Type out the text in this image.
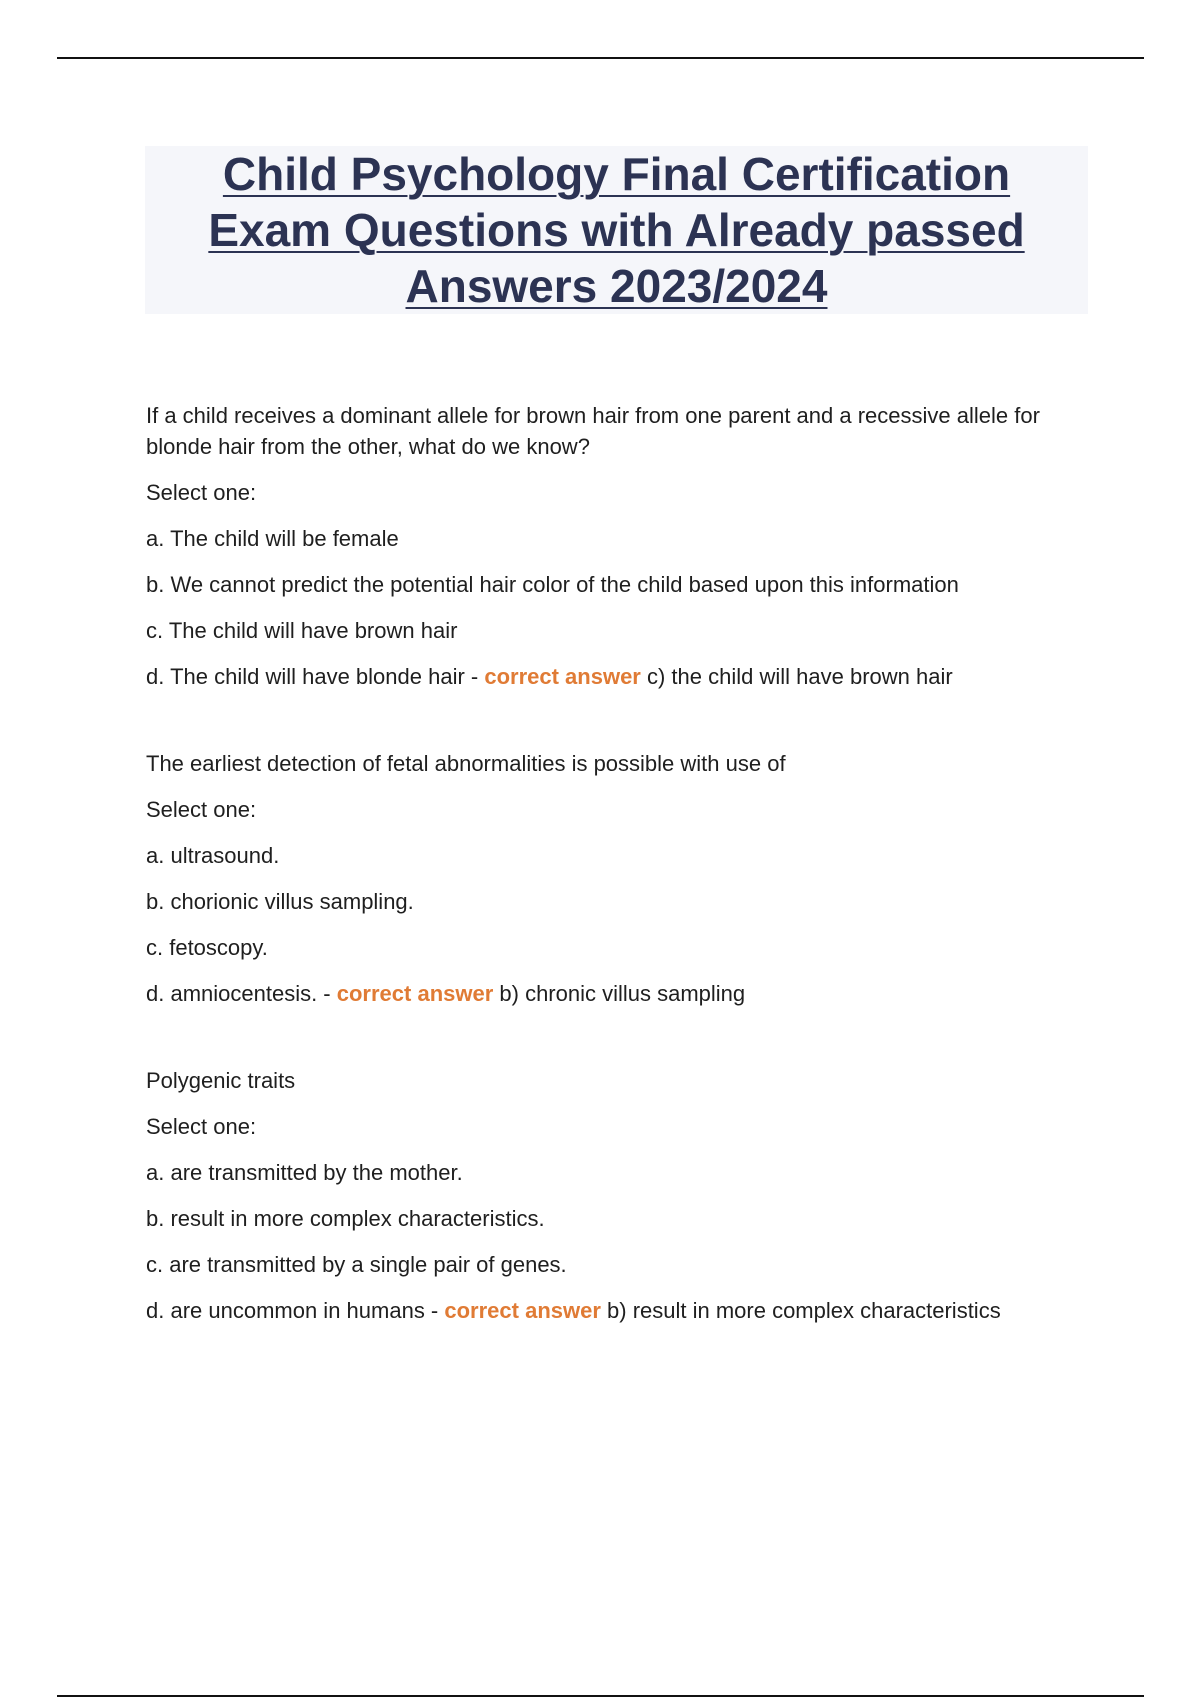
Child Psychology Final Certification Exam Questions with Already passed Answers 2023/2024

If a child receives a dominant allele for brown hair from one parent and a recessive allele for blonde hair from the other, what do we know?

Select one:

a. The child will be female

b. We cannot predict the potential hair color of the child based upon this information

c. The child will have brown hair

d. The child will have blonde hair - correct answer c) the child will have brown hair

The earliest detection of fetal abnormalities is possible with use of

Select one:

a. ultrasound.

b. chorionic villus sampling.

c. fetoscopy.

d. amniocentesis. - correct answer b) chronic villus sampling

Polygenic traits

Select one:

a. are transmitted by the mother.

b. result in more complex characteristics.

c. are transmitted by a single pair of genes.

d. are uncommon in humans - correct answer b) result in more complex characteristics
